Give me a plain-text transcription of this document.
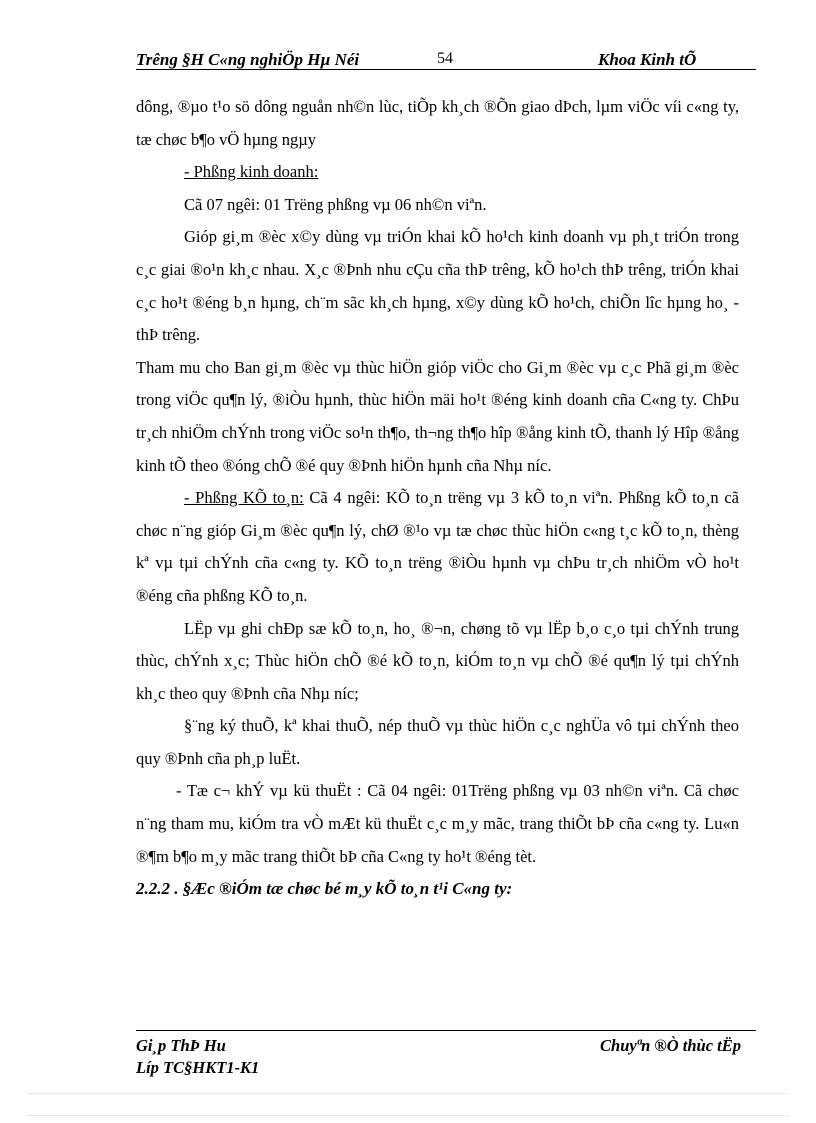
Trêng §H C«ng nghiÖp Hµ Néi	54	Khoa Kinh tÕ

dông, ®µo t¹o sö dông nguån nh©n lùc, tiÕp kh¸ch ®Õn giao dÞch, lµm viÖc víi c«ng ty, tæ chøc b¶o vÖ hµng ngµy

- Phßng kinh doanh:

Cã 07 ngêi: 01 Trëng phßng vµ 06 nh©n viªn.

Gióp gi¸m ®èc x©y dùng vµ triÓn khai kÕ ho¹ch kinh doanh vµ ph¸t triÓn trong c¸c giai ®o¹n kh¸c nhau. X¸c ®Þnh nhu cÇu cña thÞ trêng, kÕ ho¹ch thÞ trêng, triÓn khai c¸c ho¹t ®éng b¸n hµng, ch¨m sãc kh¸ch hµng, x©y dùng kÕ ho¹ch, chiÕn lîc hµng ho¸ - thÞ trêng.

Tham mu cho Ban gi¸m ®èc vµ thùc hiÖn gióp viÖc cho Gi¸m ®èc vµ c¸c Phã gi¸m ®èc trong viÖc qu¶n lý, ®iÒu hµnh, thùc hiÖn mäi ho¹t ®éng kinh doanh cña C«ng ty. ChÞu tr¸ch nhiÖm chÝnh trong viÖc so¹n th¶o, th¬ng th¶o hîp ®ång kinh tÕ, thanh lý Hîp ®ång kinh tÕ theo ®óng chÕ ®é quy ®Þnh hiÖn hµnh cña Nhµ níc.

- Phßng KÕ to¸n: Cã 4 ngêi: KÕ to¸n trëng vµ 3 kÕ to¸n viªn. Phßng kÕ to¸n cã chøc n¨ng gióp Gi¸m ®èc qu¶n lý, chØ ®¹o vµ tæ chøc thùc hiÖn c«ng t¸c kÕ to¸n, thèng kª vµ tµi chÝnh cña c«ng ty. KÕ to¸n trëng ®iÒu hµnh vµ chÞu tr¸ch nhiÖm vÒ ho¹t ®éng cña phßng KÕ to¸n.

LËp vµ ghi chÐp sæ kÕ to¸n, ho¸ ®¬n, chøng tõ vµ lËp b¸o c¸o tµi chÝnh trung thùc, chÝnh x¸c; Thùc hiÖn chÕ ®é kÕ to¸n, kiÓm to¸n vµ chÕ ®é qu¶n lý tµi chÝnh kh¸c theo quy ®Þnh cña Nhµ níc;

§¨ng ký thuÕ, kª khai thuÕ, nép thuÕ vµ thùc hiÖn c¸c nghÜa vô tµi chÝnh theo quy ®Þnh cña ph¸p luËt.

- Tæ c¬ khÝ vµ kü thuËt : Cã 04 ngêi: 01Trëng phßng vµ 03 nh©n viªn. Cã chøc n¨ng tham mu, kiÓm tra vÒ mÆt kü thuËt c¸c m¸y mãc, trang thiÕt bÞ cña c«ng ty. Lu«n ®¶m b¶o m¸y mãc trang thiÕt bÞ cña C«ng ty ho¹t ®éng tèt.

2.2.2 . §Æc ®iÓm tæ chøc bé m¸y kÕ to¸n t¹i C«ng ty:

Gi¸p ThÞ Hu
Líp TC§HKT1-K1
Chuyªn ®Ò thùc tËp
